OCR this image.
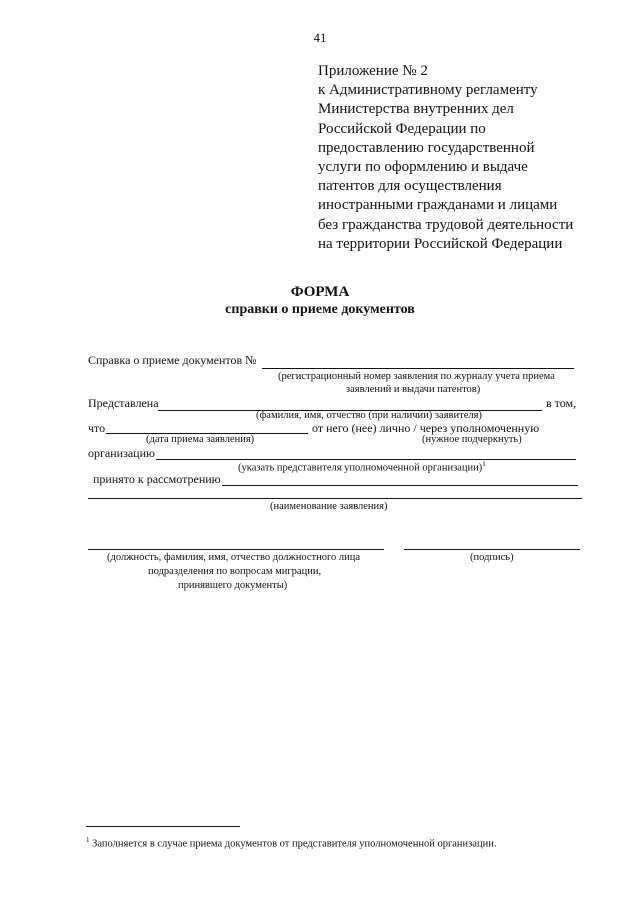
41
Приложение № 2
к Административному регламенту
Министерства внутренних дел
Российской Федерации по
предоставлению государственной
услуги по оформлению и выдаче
патентов для осуществления
иностранными гражданами и лицами
без гражданства трудовой деятельности
на территории Российской Федерации
ФОРМА
справки о приеме документов
Справка о приеме документов №
(регистрационный номер заявления по журналу учета приема
заявлений и выдачи патентов)
Представлена	в том,
(фамилия, имя, отчество (при наличии) заявителя)
что	от него (нее) лично / через уполномоченную
(дата приема заявления)	(нужное подчеркнуть)
организацию
(указать представителя уполномоченной организации)$^1$
принято к рассмотрению
(наименование заявления)
(должность, фамилия, имя, отчество должностного лица
подразделения по вопросам миграции,
принявшего документы)
(подпись)
$^1$ Заполняется в случае приема документов от представителя уполномоченной организации.
